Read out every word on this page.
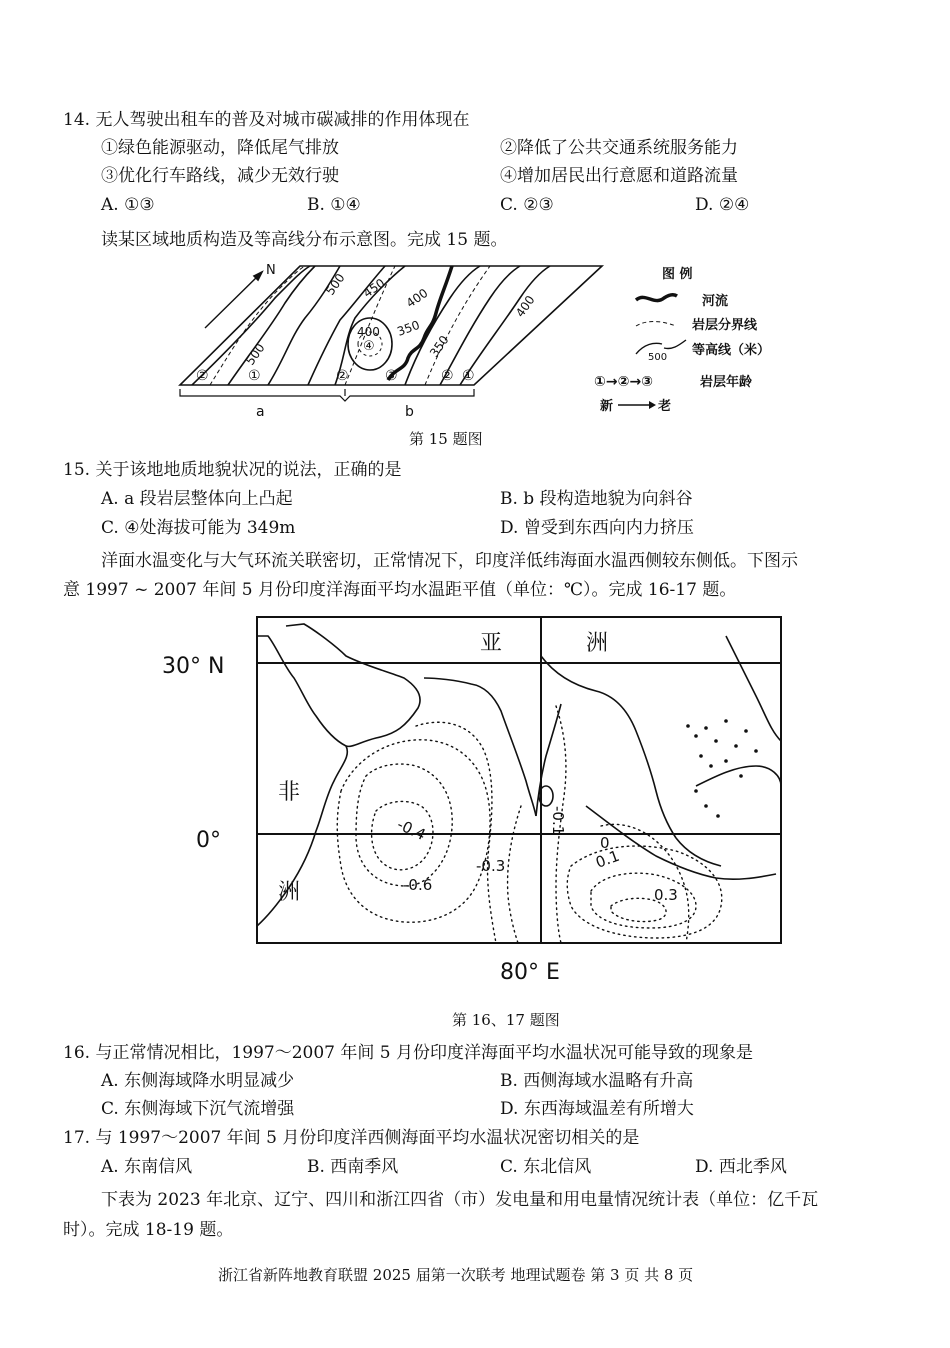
14. 无人驾驶出租车的普及对城市碳减排的作用体现在
①绿色能源驱动，降低尾气排放	②降低了公共交通系统服务能力
③优化行车路线，减少无效行驶	④增加居民出行意愿和道路流量
A. ①③	B. ①④	C. ②③	D. ②④
读某区域地质构造及等高线分布示意图。完成 15 题。
N
500 450 400
350
400
500	350
400
②	①	②	③	② ①
④
a	b
图 例
河流
岩层分界线
500 等高线（米）
①→②→③	岩层年龄
新	老
第 15 题图
15. 关于该地地质地貌状况的说法，正确的是
A. a 段岩层整体向上凸起	B. b 段构造地貌为向斜谷
C. ④处海拔可能为 349m	D. 曾受到东西向内力挤压
洋面水温变化与大气环流关联密切，正常情况下，印度洋低纬海面水温西侧较东侧低。下图示
意 1997 ~ 2007 年间 5 月份印度洋海面平均水温距平值（单位：℃）。完成 16-17 题。
30° N
0°
80° E
亚	洲
非
洲
-0.4
-0.6
-0.3
-0.1
0
0.1
0.3
第 16、17 题图
16. 与正常情况相比，1997～2007 年间 5 月份印度洋海面平均水温状况可能导致的现象是
A. 东侧海域降水明显减少	B. 西侧海域水温略有升高
C. 东侧海域下沉气流增强	D. 东西海域温差有所增大
17. 与 1997～2007 年间 5 月份印度洋西侧海面平均水温状况密切相关的是
A. 东南信风	B. 西南季风	C. 东北信风	D. 西北季风
下表为 2023 年北京、辽宁、四川和浙江四省（市）发电量和用电量情况统计表（单位：亿千瓦
时）。完成 18-19 题。
浙江省新阵地教育联盟 2025 届第一次联考 地理试题卷 第 3 页 共 8 页
